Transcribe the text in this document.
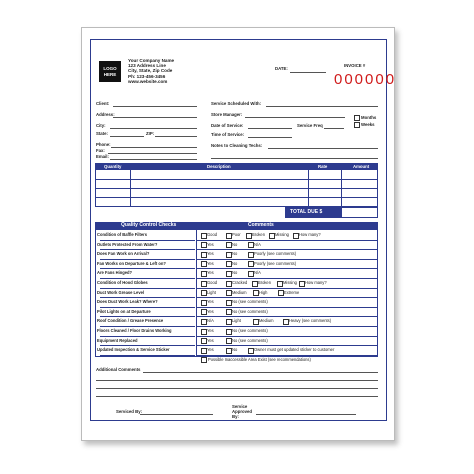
LOGO HERE
Your Company Name
123 Address Line
City, State, Zip Code
Ph: 123-456-3456
www.website.com
DATE:
INVOICE #
000000
Client:
Address:
City:
State:	ZIP:
Phone:
Fax:
Email:
Service Scheduled With:
Store Manager:
Date of Service:	Service Freq
Months
Weeks
Time of Service:
Notes to Cleaning Techs:
Quantity	Description	Rate	Amount
TOTAL DUE $
Quality Control Checks	Comments
Condition of Baffle Filters	Good	Poor	Broken Missing How many?
Outlets Protected From Water?	Yes	No	N/A
Does Fan Work on Arrival?	Yes	No	Poorly (see comments)
Fan Works on Departure & Left on?	Yes	No	Poorly (see comments)
Are Fans Hinged?	Yes	No	N/A
Condition of Hood Globes	Good	Cracked	Broken	Missing How many?
Duct Work Grease Level	Light	Medium	High	Extreme
Does Duct Work Leak? Where?	Yes	No (see comments)
Pilot Lights on at Departure	Yes	No (see comments)
Roof Condition / Grease Presence	N/A	Light	Medium	Heavy (see comments)
Floors Cleaned / Floor Drains Working	Yes	No (see comments)
Equipment Replaced	Yes	No (see comments)
Updated Inspection & Service Sticker	Yes	No	Owner must get updated sticker to customer
Possible Inaccessible Area Exist (see recommendations)
Additional Comments
Serviced By:
Service Approved By:
